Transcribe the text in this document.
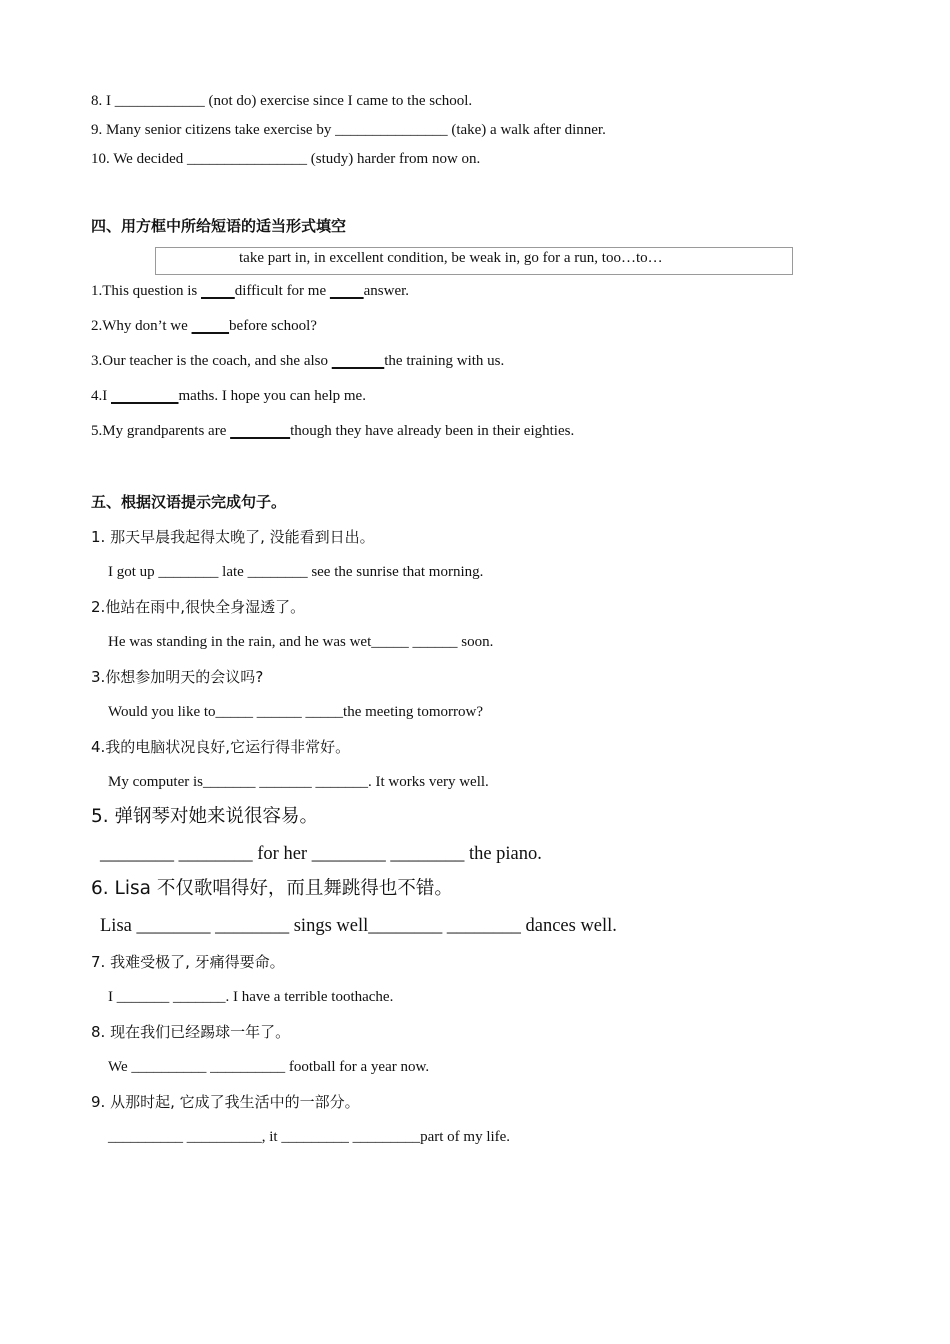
8. I ____________ (not do) exercise since I came to the school.
9. Many senior citizens take exercise by _______________ (take) a walk after dinner.
10. We decided ________________ (study) harder from now on.
四、用方框中所给短语的适当形式填空
take part in, in excellent condition, be weak in, go for a run, too…to…
1.This question is          difficult for me          answer.
2.Why don’t we	before school?
3.Our teacher is the coach, and she also	the training with us.
4.I	maths. I hope you can help me.
5.My grandparents are	though they have already been in their eighties.
五、根据汉语提示完成句子。
1. 那天早晨我起得太晚了, 没能看到日出。
I got up ________ late ________ see the sunrise that morning.
2.他站在雨中,很快全身湿透了。
He was standing in the rain, and he was wet_____ ______ soon.
3.你想参加明天的会议吗?
Would you like to_____ ______ _____the meeting tomorrow?
4.我的电脑状况良好,它运行得非常好。
My computer is_______ _______ _______. It works very well.
5. 弹钢琴对她来说很容易。
________ ________ for her ________ ________ the piano.
6. Lisa 不仅歌唱得好，而且舞跳得也不错。
Lisa ________ ________ sings well________ ________ dances well.
7. 我难受极了, 牙痛得要命。
I _______ _______. I have a terrible toothache.
8. 现在我们已经踢球一年了。
We __________ __________ football for a year now.
9. 从那时起, 它成了我生活中的一部分。
__________ __________, it _________ _________part of my life.
